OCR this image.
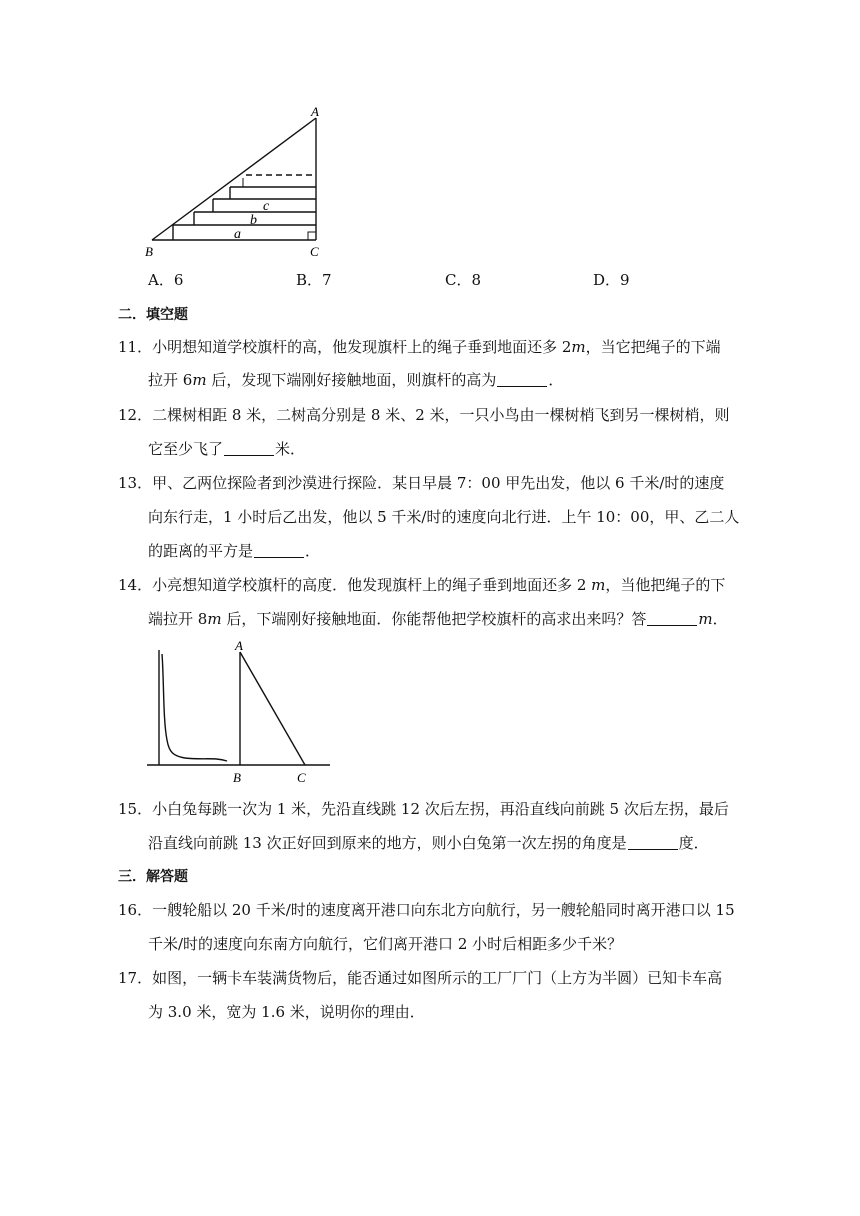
A
B	C
a
b
c
A．6	B．7	C．8	D．9
二．填空题
11．小明想知道学校旗杆的高，他发现旗杆上的绳子垂到地面还多 2m，当它把绳子的下端
拉开 6m 后，发现下端刚好接触地面，则旗杆的高为	．
12．二棵树相距 8 米，二树高分别是 8 米、2 米，一只小鸟由一棵树梢飞到另一棵树梢，则
它至少飞了	米．
13．甲、乙两位探险者到沙漠进行探险．某日早晨 7：00 甲先出发，他以 6 千米/时的速度
向东行走，1 小时后乙出发，他以 5 千米/时的速度向北行进．上午 10：00，甲、乙二人
的距离的平方是	．
14．小亮想知道学校旗杆的高度．他发现旗杆上的绳子垂到地面还多 2 m，当他把绳子的下
端拉开 8m 后，下端刚好接触地面．你能帮他把学校旗杆的高求出来吗？答	m．
A
B	C
15．小白兔每跳一次为 1 米，先沿直线跳 12 次后左拐，再沿直线向前跳 5 次后左拐，最后
沿直线向前跳 13 次正好回到原来的地方，则小白兔第一次左拐的角度是	度．
三．解答题
16．一艘轮船以 20 千米/时的速度离开港口向东北方向航行，另一艘轮船同时离开港口以 15
千米/时的速度向东南方向航行，它们离开港口 2 小时后相距多少千米？
17．如图，一辆卡车装满货物后，能否通过如图所示的工厂厂门（上方为半圆）已知卡车高
为 3.0 米，宽为 1.6 米，说明你的理由．
